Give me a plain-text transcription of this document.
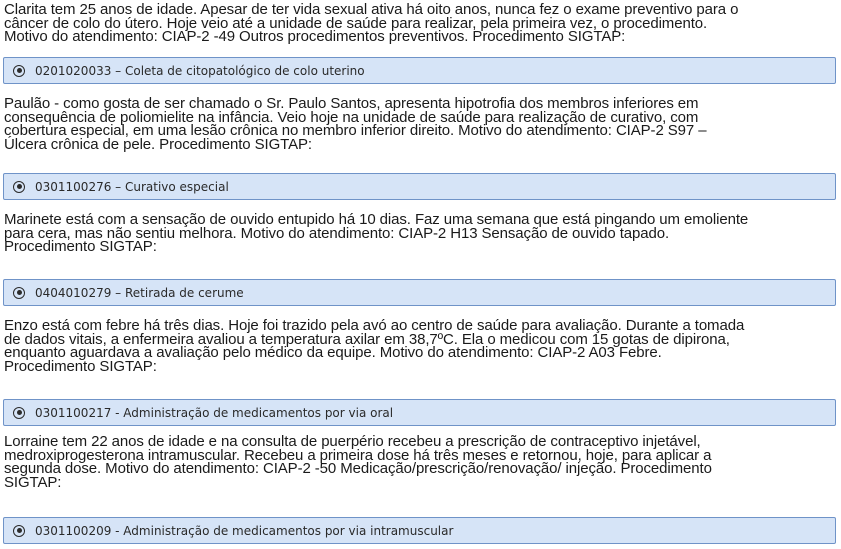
Clarita tem 25 anos de idade. Apesar de ter vida sexual ativa há oito anos, nunca fez o exame preventivo para o
câncer de colo do útero. Hoje veio até a unidade de saúde para realizar, pela primeira vez, o procedimento.
Motivo do atendimento: CIAP-2 -49 Outros procedimentos preventivos. Procedimento SIGTAP:
0201020033 – Coleta de citopatológico de colo uterino
Paulão - como gosta de ser chamado o Sr. Paulo Santos, apresenta hipotrofia dos membros inferiores em
consequência de poliomielite na infância. Veio hoje na unidade de saúde para realização de curativo, com
cobertura especial, em uma lesão crônica no membro inferior direito. Motivo do atendimento: CIAP-2 S97 –
Úlcera crônica de pele. Procedimento SIGTAP:
0301100276 – Curativo especial
Marinete está com a sensação de ouvido entupido há 10 dias. Faz uma semana que está pingando um emoliente
para cera, mas não sentiu melhora. Motivo do atendimento: CIAP-2 H13 Sensação de ouvido tapado.
Procedimento SIGTAP:
0404010279 – Retirada de cerume
Enzo está com febre há três dias. Hoje foi trazido pela avó ao centro de saúde para avaliação. Durante a tomada
de dados vitais, a enfermeira avaliou a temperatura axilar em 38,7ºC. Ela o medicou com 15 gotas de dipirona,
enquanto aguardava a avaliação pelo médico da equipe. Motivo do atendimento: CIAP-2 A03 Febre.
Procedimento SIGTAP:
0301100217 - Administração de medicamentos por via oral
Lorraine tem 22 anos de idade e na consulta de puerpério recebeu a prescrição de contraceptivo injetável,
medroxiprogesterona intramuscular. Recebeu a primeira dose há três meses e retornou, hoje, para aplicar a
segunda dose. Motivo do atendimento: CIAP-2 -50 Medicação/prescrição/renovação/ injeção. Procedimento
SIGTAP:
0301100209 - Administração de medicamentos por via intramuscular
